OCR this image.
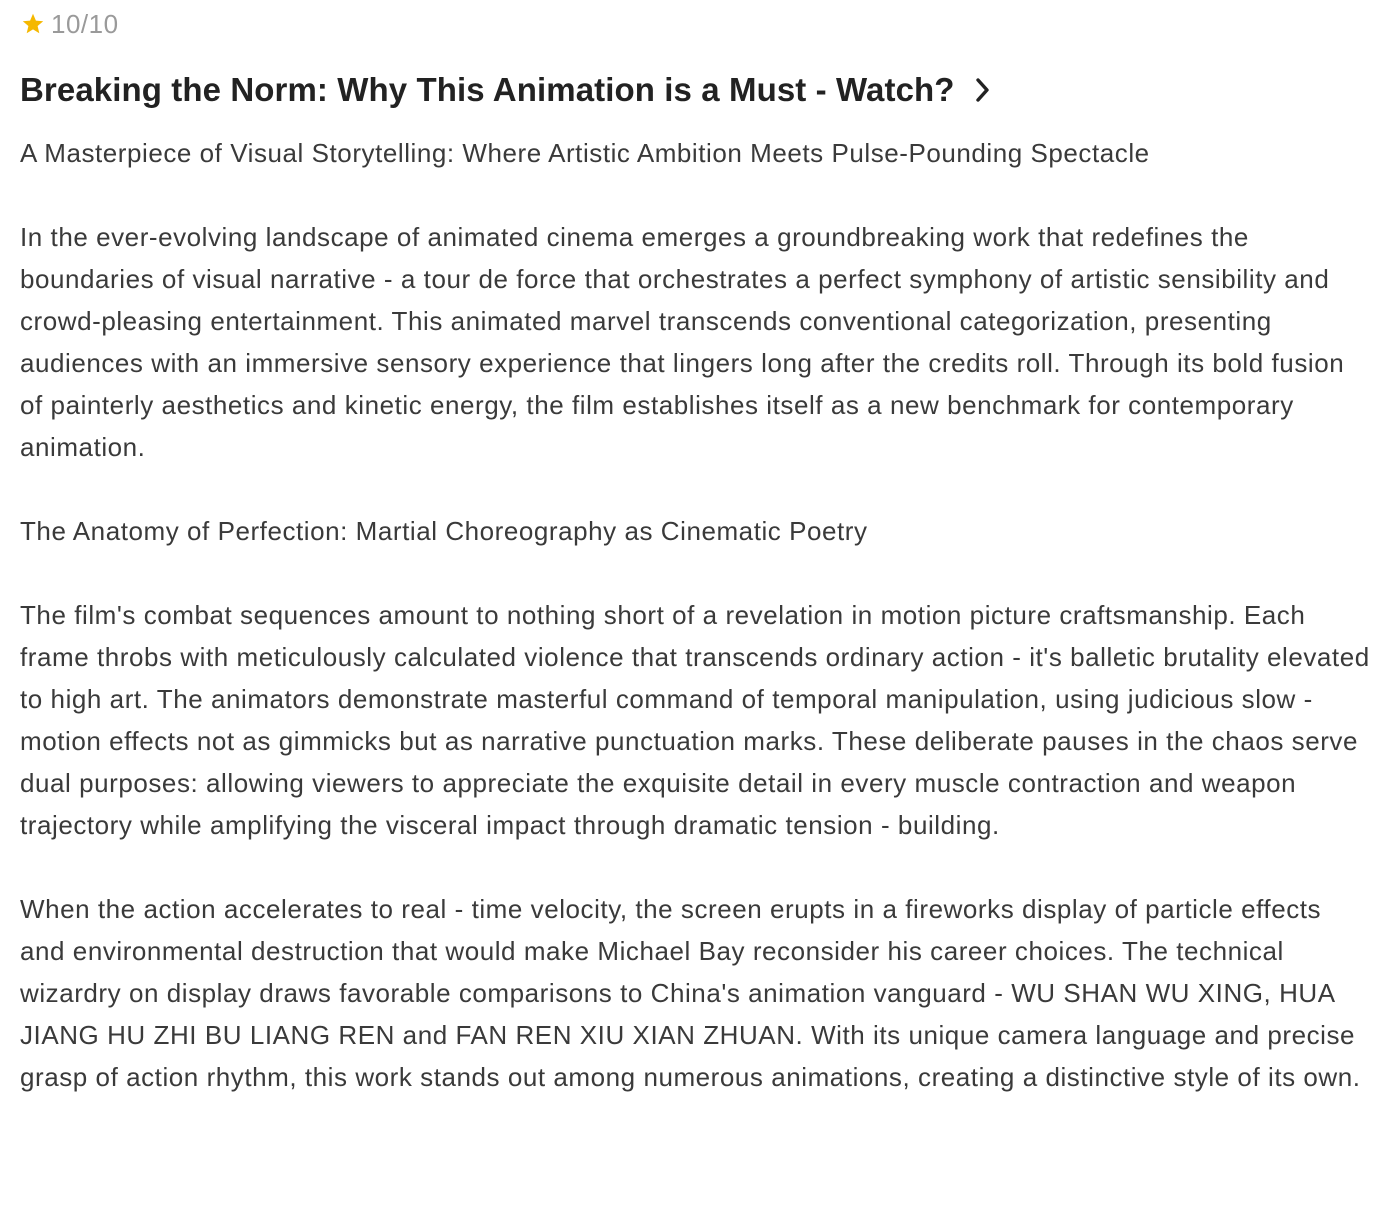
10/10
Breaking the Norm: Why This Animation is a Must - Watch?

A Masterpiece of Visual Storytelling: Where Artistic Ambition Meets Pulse-Pounding Spectacle

In the ever-evolving landscape of animated cinema emerges a groundbreaking work that redefines the boundaries of visual narrative - a tour de force that orchestrates a perfect symphony of artistic sensibility and crowd-pleasing entertainment. This animated marvel transcends conventional categorization, presenting audiences with an immersive sensory experience that lingers long after the credits roll. Through its bold fusion of painterly aesthetics and kinetic energy, the film establishes itself as a new benchmark for contemporary animation.

The Anatomy of Perfection: Martial Choreography as Cinematic Poetry

The film's combat sequences amount to nothing short of a revelation in motion picture craftsmanship. Each frame throbs with meticulously calculated violence that transcends ordinary action - it's balletic brutality elevated to high art. The animators demonstrate masterful command of temporal manipulation, using judicious slow - motion effects not as gimmicks but as narrative punctuation marks. These deliberate pauses in the chaos serve dual purposes: allowing viewers to appreciate the exquisite detail in every muscle contraction and weapon trajectory while amplifying the visceral impact through dramatic tension - building.

When the action accelerates to real - time velocity, the screen erupts in a fireworks display of particle effects and environmental destruction that would make Michael Bay reconsider his career choices. The technical wizardry on display draws favorable comparisons to China's animation vanguard - WU SHAN WU XING, HUA JIANG HU ZHI BU LIANG REN and FAN REN XIU XIAN ZHUAN. With its unique camera language and precise grasp of action rhythm, this work stands out among numerous animations, creating a distinctive style of its own.
